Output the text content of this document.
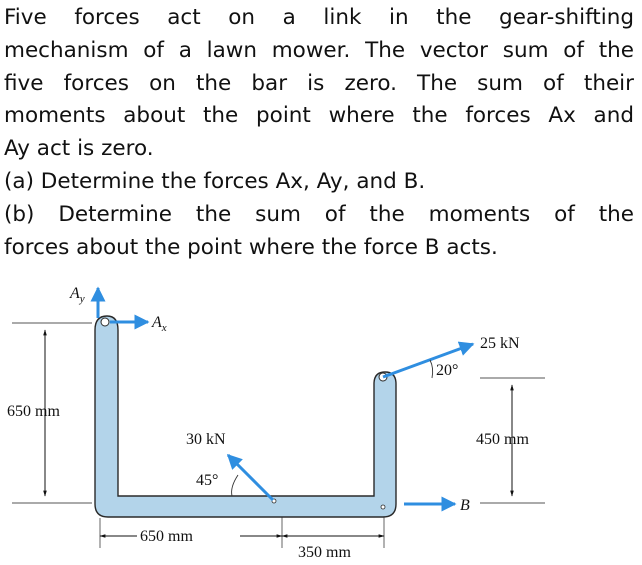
Five forces act on a link in the gear-shifting

mechanism of a lawn mower. The vector sum of the

five forces on the bar is zero. The sum of their

moments about the point where the forces Ax and

Ay act is zero.

(a) Determine the forces Ax, Ay, and B.

(b) Determine the sum of the moments of the

forces about the point where the force B acts.

$A_y$
$A_x$
25 kN
20°
650 mm
30 kN	450 mm
45°
B
650 mm
350 mm
